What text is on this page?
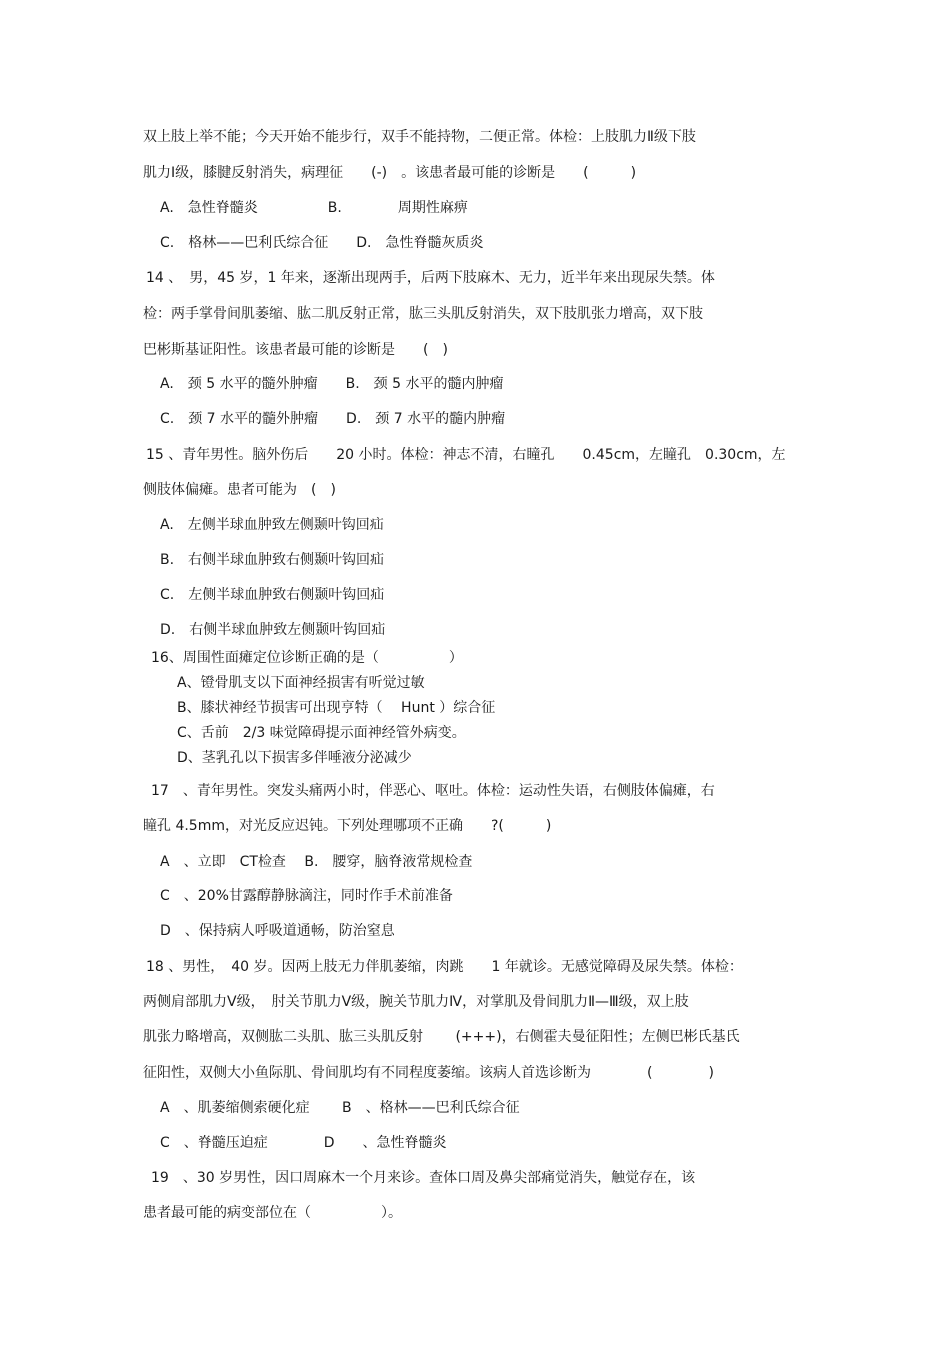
双上肢上举不能；今天开始不能步行，双手不能持物，二便正常。体检：上肢肌力Ⅱ级下肢
肌力Ⅰ级，膝腱反射消失，病理征　　(-)　。该患者最可能的诊断是　　(　　　)
A.　急性脊髓炎　　　　　B.　　　　周期性麻痹
C.　格林——巴利氏综合征　　D.　急性脊髓灰质炎
14 、　男，45 岁，1 年来，逐渐出现两手，后两下肢麻木、无力，近半年来出现尿失禁。体
检：两手掌骨间肌萎缩、肱二肌反射正常，肱三头肌反射消失，双下肢肌张力增高，双下肢
巴彬斯基证阳性。该患者最可能的诊断是　　(　)
A.　颈 5 水平的髓外肿瘤　　B.　颈 5 水平的髓内肿瘤
C.　颈 7 水平的髓外肿瘤　　D.　颈 7 水平的髓内肿瘤
15 、青年男性。脑外伤后　　20 小时。体检：神志不清，右瞳孔　　0.45cm，左瞳孔　0.30cm，左
侧肢体偏瘫。患者可能为　(　)
A.　左侧半球血肿致左侧颞叶钩回疝
B.　右侧半球血肿致右侧颞叶钩回疝
C.　左侧半球血肿致右侧颞叶钩回疝
D.　右侧半球血肿致左侧颞叶钩回疝
16、周围性面瘫定位诊断正确的是（　　　　　）
A、镫骨肌支以下面神经损害有听觉过敏
B、膝状神经节损害可出现亨特（　 Hunt ）综合征
C、舌前　2/3 味觉障碍提示面神经管外病变。
D、茎乳孔以下损害多伴唾液分泌减少
17　、青年男性。突发头痛两小时，伴恶心、呕吐。体检：运动性失语，右侧肢体偏瘫，右
瞳孔 4.5mm，对光反应迟钝。下列处理哪项不正确　　?(　　　)
A　、立即　CT检查　 B.　腰穿，脑脊液常规检查
C　、20%甘露醇静脉滴注，同时作手术前准备
D　、保持病人呼吸道通畅，防治窒息
18 、男性，　40 岁。因两上肢无力伴肌萎缩，肉跳　　1 年就诊。无感觉障碍及尿失禁。体检：
两侧肩部肌力Ⅴ级，　肘关节肌力Ⅴ级，腕关节肌力Ⅳ，对掌肌及骨间肌力Ⅱ—Ⅲ级，双上肢
肌张力略增高，双侧肱二头肌、肱三头肌反射　　 (+++)，右侧霍夫曼征阳性；左侧巴彬氏基氏
征阳性，双侧大小鱼际肌、骨间肌均有不同程度萎缩。该病人首选诊断为　　　　(　　　　)
A　、肌萎缩侧索硬化症　　 B　、格林——巴利氏综合征
C　、脊髓压迫症　　　　D　　、急性脊髓炎
19　、30 岁男性，因口周麻木一个月来诊。查体口周及鼻尖部痛觉消失，触觉存在，该
患者最可能的病变部位在（　　　　　）。
